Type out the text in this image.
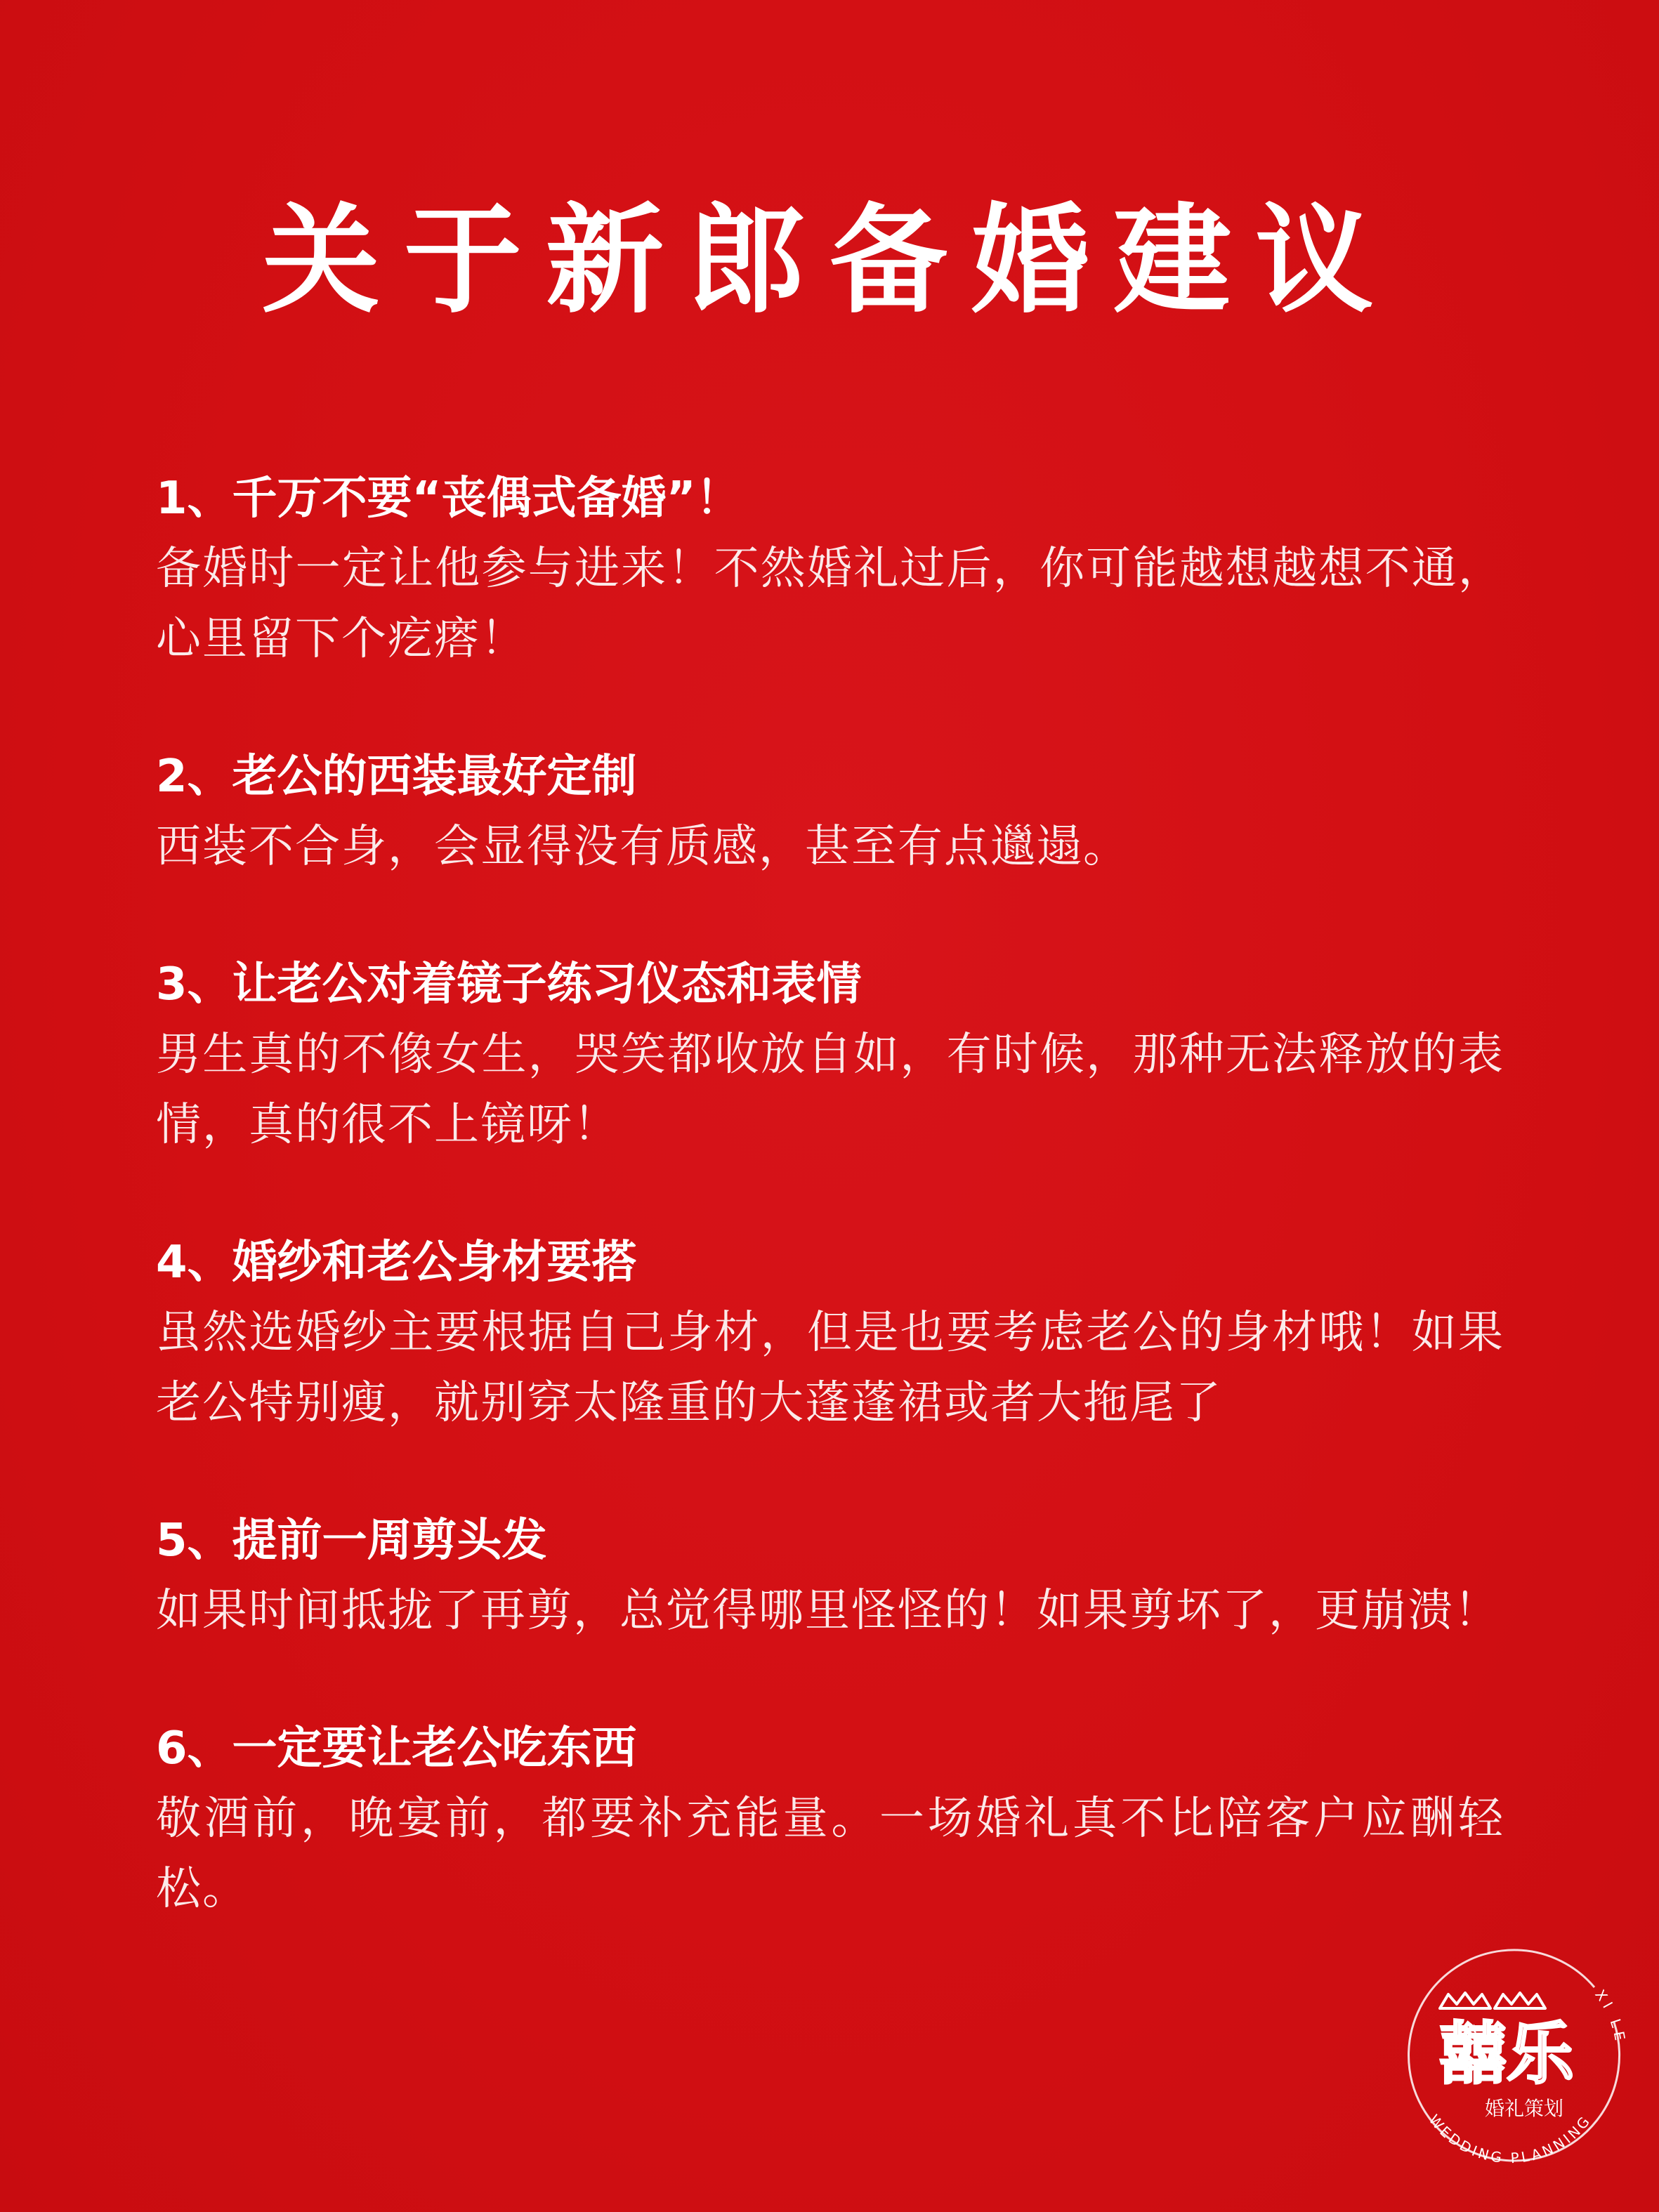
关于新郎备婚建议
1、千万不要“丧偶式备婚”！
备婚时一定让他参与进来！不然婚礼过后，你可能越想越想不通，心里留下个疙瘩！
2、老公的西装最好定制
西装不合身，会显得没有质感，甚至有点邋遢。
3、让老公对着镜子练习仪态和表情
男生真的不像女生，哭笑都收放自如，有时候，那种无法释放的表情，真的很不上镜呀！
4、婚纱和老公身材要搭
虽然选婚纱主要根据自己身材，但是也要考虑老公的身材哦！如果老公特别瘦，就别穿太隆重的大蓬蓬裙或者大拖尾了
5、提前一周剪头发
如果时间抵拢了再剪，总觉得哪里怪怪的！如果剪坏了，更崩溃！
6、一定要让老公吃东西
敬酒前，晚宴前，都要补充能量。一场婚礼真不比陪客户应酬轻松。
囍乐
婚礼策划
XI LE
WEDDING PLANNING
